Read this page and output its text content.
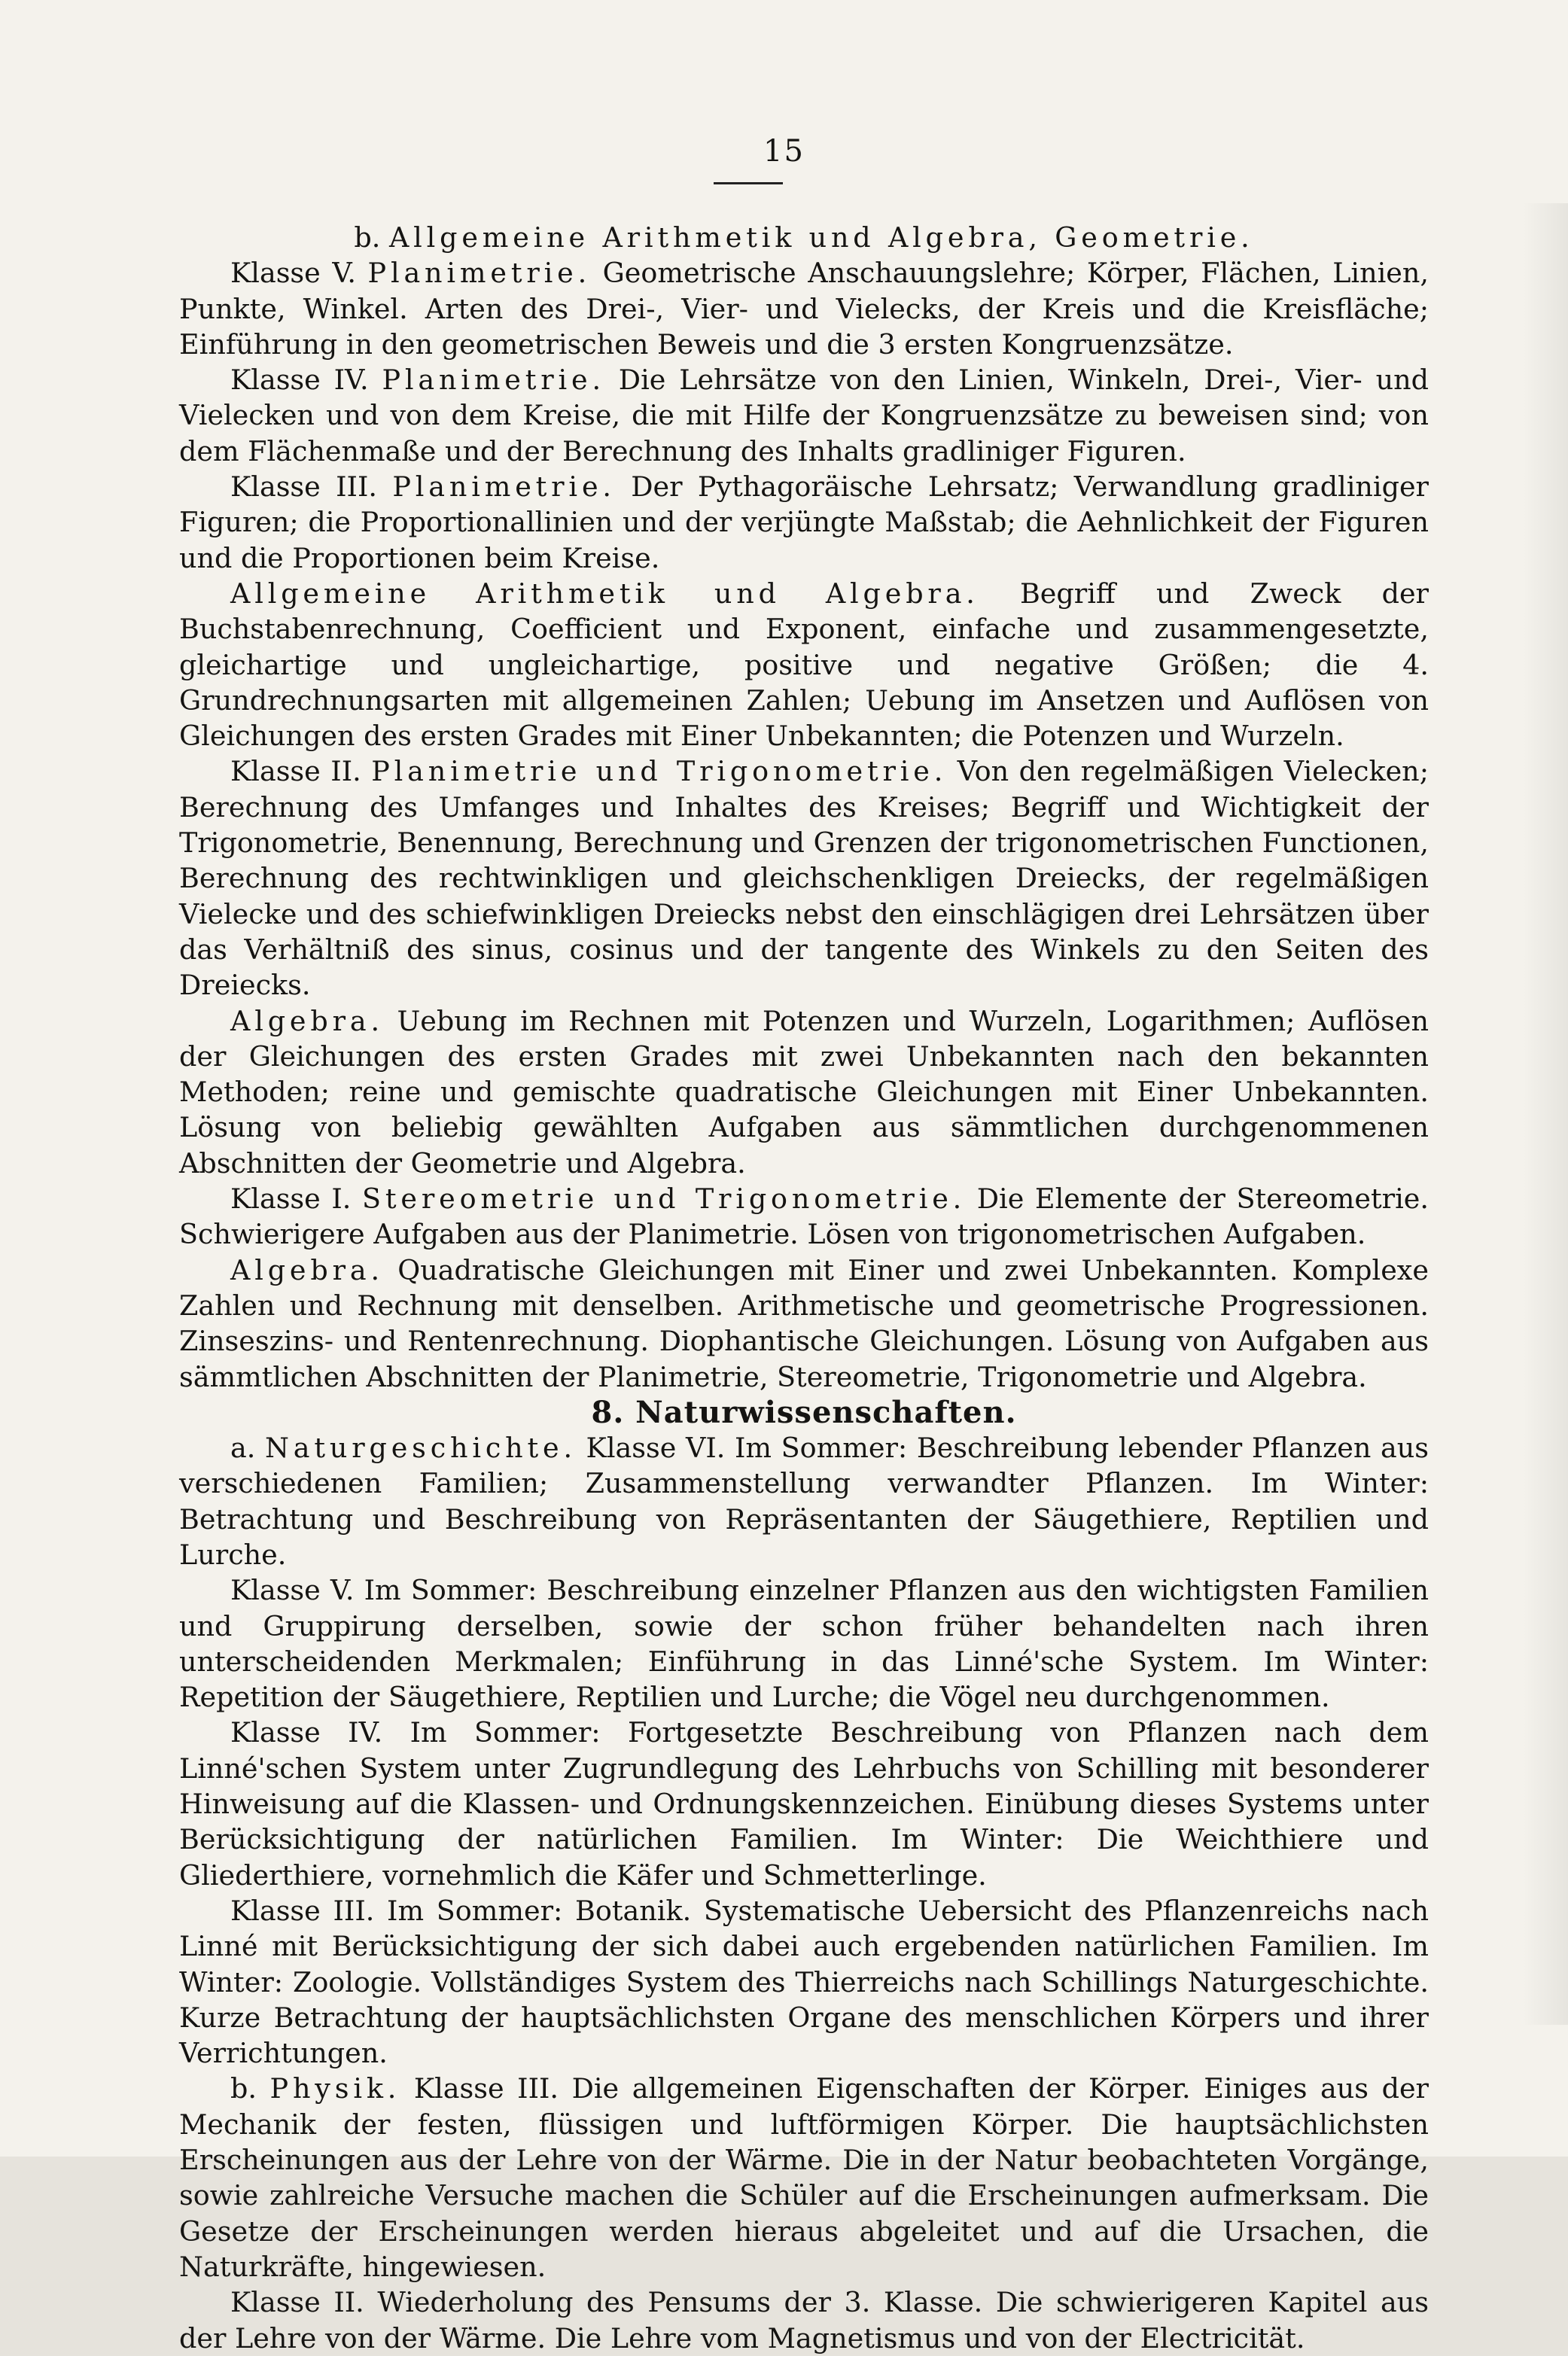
15

b. Allgemeine Arithmetik und Algebra, Geometrie.

Klasse V. Planimetrie. Geometrische Anschauungslehre; Körper, Flächen, Linien, Punkte, Winkel. Arten des Drei-, Vier- und Vielecks, der Kreis und die Kreisfläche; Einführung in den geometrischen Beweis und die 3 ersten Kongruenzsätze.

Klasse IV. Planimetrie. Die Lehrsätze von den Linien, Winkeln, Drei-, Vier- und Vielecken und von dem Kreise, die mit Hilfe der Kongruenzsätze zu beweisen sind; von dem Flächenmaße und der Berechnung des Inhalts gradliniger Figuren.

Klasse III. Planimetrie. Der Pythagoräische Lehrsatz; Verwandlung gradliniger Figuren; die Proportionallinien und der verjüngte Maßstab; die Aehnlichkeit der Figuren und die Proportionen beim Kreise.

Allgemeine Arithmetik und Algebra. Begriff und Zweck der Buchstabenrechnung, Coefficient und Exponent, einfache und zusammengesetzte, gleichartige und ungleichartige, positive und negative Größen; die 4. Grundrechnungsarten mit allgemeinen Zahlen; Uebung im Ansetzen und Auflösen von Gleichungen des ersten Grades mit Einer Unbekannten; die Potenzen und Wurzeln.

Klasse II. Planimetrie und Trigonometrie. Von den regelmäßigen Vielecken; Berechnung des Umfanges und Inhaltes des Kreises; Begriff und Wichtigkeit der Trigonometrie, Benennung, Berechnung und Grenzen der trigonometrischen Functionen, Berechnung des rechtwinkligen und gleichschenkligen Dreiecks, der regelmäßigen Vielecke und des schiefwinkligen Dreiecks nebst den einschlägigen drei Lehrsätzen über das Verhältniß des sinus, cosinus und der tangente des Winkels zu den Seiten des Dreiecks.

Algebra. Uebung im Rechnen mit Potenzen und Wurzeln, Logarithmen; Auflösen der Gleichungen des ersten Grades mit zwei Unbekannten nach den bekannten Methoden; reine und gemischte quadratische Gleichungen mit Einer Unbekannten. Lösung von beliebig gewählten Aufgaben aus sämmtlichen durchgenommenen Abschnitten der Geometrie und Algebra.

Klasse I. Stereometrie und Trigonometrie. Die Elemente der Stereometrie. Schwierigere Aufgaben aus der Planimetrie. Lösen von trigonometrischen Aufgaben.

Algebra. Quadratische Gleichungen mit Einer und zwei Unbekannten. Komplexe Zahlen und Rechnung mit denselben. Arithmetische und geometrische Progressionen. Zinseszins- und Rentenrechnung. Diophantische Gleichungen. Lösung von Aufgaben aus sämmtlichen Abschnitten der Planimetrie, Stereometrie, Trigonometrie und Algebra.

8. Naturwissenschaften.

a. Naturgeschichte. Klasse VI. Im Sommer: Beschreibung lebender Pflanzen aus verschiedenen Familien; Zusammenstellung verwandter Pflanzen. Im Winter: Betrachtung und Beschreibung von Repräsentanten der Säugethiere, Reptilien und Lurche.

Klasse V. Im Sommer: Beschreibung einzelner Pflanzen aus den wichtigsten Familien und Gruppirung derselben, sowie der schon früher behandelten nach ihren unterscheidenden Merkmalen; Einführung in das Linné'sche System. Im Winter: Repetition der Säugethiere, Reptilien und Lurche; die Vögel neu durchgenommen.

Klasse IV. Im Sommer: Fortgesetzte Beschreibung von Pflanzen nach dem Linné'schen System unter Zugrundlegung des Lehrbuchs von Schilling mit besonderer Hinweisung auf die Klassen- und Ordnungskennzeichen. Einübung dieses Systems unter Berücksichtigung der natürlichen Familien. Im Winter: Die Weichthiere und Gliederthiere, vornehmlich die Käfer und Schmetterlinge.

Klasse III. Im Sommer: Botanik. Systematische Uebersicht des Pflanzenreichs nach Linné mit Berücksichtigung der sich dabei auch ergebenden natürlichen Familien. Im Winter: Zoologie. Vollständiges System des Thierreichs nach Schillings Naturgeschichte. Kurze Betrachtung der hauptsächlichsten Organe des menschlichen Körpers und ihrer Verrichtungen.

b. Physik. Klasse III. Die allgemeinen Eigenschaften der Körper. Einiges aus der Mechanik der festen, flüssigen und luftförmigen Körper. Die hauptsächlichsten Erscheinungen aus der Lehre von der Wärme. Die in der Natur beobachteten Vorgänge, sowie zahlreiche Versuche machen die Schüler auf die Erscheinungen aufmerksam. Die Gesetze der Erscheinungen werden hieraus abgeleitet und auf die Ursachen, die Naturkräfte, hingewiesen.

Klasse II. Wiederholung des Pensums der 3. Klasse. Die schwierigeren Kapitel aus der Lehre von der Wärme. Die Lehre vom Magnetismus und von der Electricität.
